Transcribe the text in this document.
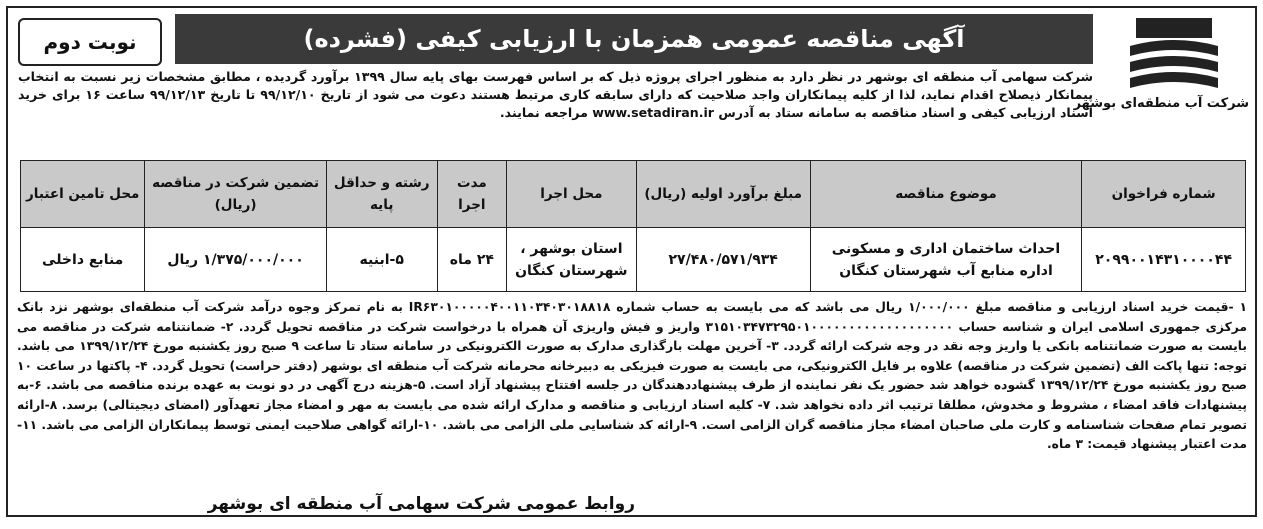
شرکت آب منطقه‌ای بوشهر
آگهی مناقصه عمومی همزمان با ارزیابی کیفی (فشرده)
نوبت دوم
شرکت سهامی آب منطقه ای بوشهر در نظر دارد به منظور اجرای پروژه ذیل که بر اساس فهرست بهای پایه سال ۱۳۹۹ برآورد گردیده ، مطابق مشخصات زیر نسبت به انتخاب پیمانکار ذیصلاح اقدام نماید، لذا از کلیه پیمانکاران واجد صلاحیت که دارای سابقه کاری مرتبط هستند دعوت می شود از تاریخ ۹۹/۱۲/۱۰ تا تاریخ ۹۹/۱۲/۱۳ ساعت ۱۶ برای خرید اسناد ارزیابی کیفی و اسناد مناقصه به سامانه ستاد به آدرس www.setadiran.ir مراجعه نمایند.
شماره فراخوان	موضوع مناقصه	مبلغ برآورد اولیه (ریال)	محل اجرا	مدت اجرا	رشته و حداقل پایه	تضمین شرکت در مناقصه (ریال)	محل تامین اعتبار
۲۰۹۹۰۰۱۴۳۱۰۰۰۰۴۴	احداث ساختمان اداری و مسکونی اداره منابع آب شهرستان کنگان	۲۷/۴۸۰/۵۷۱/۹۳۴	استان بوشهر ، شهرستان کنگان	۲۴ ماه	۵-ابنیه	۱/۳۷۵/۰۰۰/۰۰۰ ریال	منابع داخلی
۱ -قیمت خرید اسناد ارزیابی و مناقصه مبلغ ۱/۰۰۰/۰۰۰ ریال می باشد که می بایست به حساب شماره IR۶۳۰۱۰۰۰۰۰۴۰۰۱۱۰۳۴۰۳۰۱۸۸۱۸ به نام تمرکز وجوه درآمد شرکت آب منطقه‌ای بوشهر نزد بانک مرکزی جمهوری اسلامی ایران و شناسه حساب ۳۱۵۱۰۳۴۷۳۲۹۵۰۱۰۰۰۰۰۰۰۰۰۰۰۰۰۰۰۰۰۰۰ واریز و فیش واریزی آن همراه با درخواست شرکت در مناقصه تحویل گردد. ۲- ضمانتنامه شرکت در مناقصه می بایست به صورت ضمانتنامه بانکی یا واریز وجه نقد در وجه شرکت ارائه گردد. ۳- آخرین مهلت بارگذاری مدارک به صورت الکترونیکی در سامانه ستاد تا ساعت ۹ صبح روز یکشنبه مورخ ۱۳۹۹/۱۲/۲۴ می باشد. توجه: تنها پاکت الف (تضمین شرکت در مناقصه) علاوه بر فایل الکترونیکی، می بایست به صورت فیزیکی به دبیرخانه محرمانه شرکت آب منطقه ای بوشهر (دفتر حراست) تحویل گردد. ۴- پاکتها در ساعت ۱۰ صبح روز یکشنبه مورخ ۱۳۹۹/۱۲/۲۴ گشوده خواهد شد حضور یک نفر نماینده از طرف پیشنهاددهندگان در جلسه افتتاح پیشنهاد آزاد است. ۵-هزینه درج آگهی در دو نوبت به عهده برنده مناقصه می باشد. ۶-به پیشنهادات فاقد امضاء ، مشروط و مخدوش، مطلقا ترتیب اثر داده نخواهد شد. ۷- کلیه اسناد ارزیابی و مناقصه و مدارک ارائه شده می بایست به مهر و امضاء مجاز تعهدآور (امضای دیجیتالی) برسد. ۸-ارائه تصویر تمام صفحات شناسنامه و کارت ملی صاحبان امضاء مجاز مناقصه گران الزامی است. ۹-ارائه کد شناسایی ملی الزامی می باشد. ۱۰-ارائه گواهی صلاحیت ایمنی توسط پیمانکاران الزامی می باشد. ۱۱- مدت اعتبار پیشنهاد قیمت: ۳ ماه.
روابط عمومی شرکت سهامی آب منطقه ای بوشهر
